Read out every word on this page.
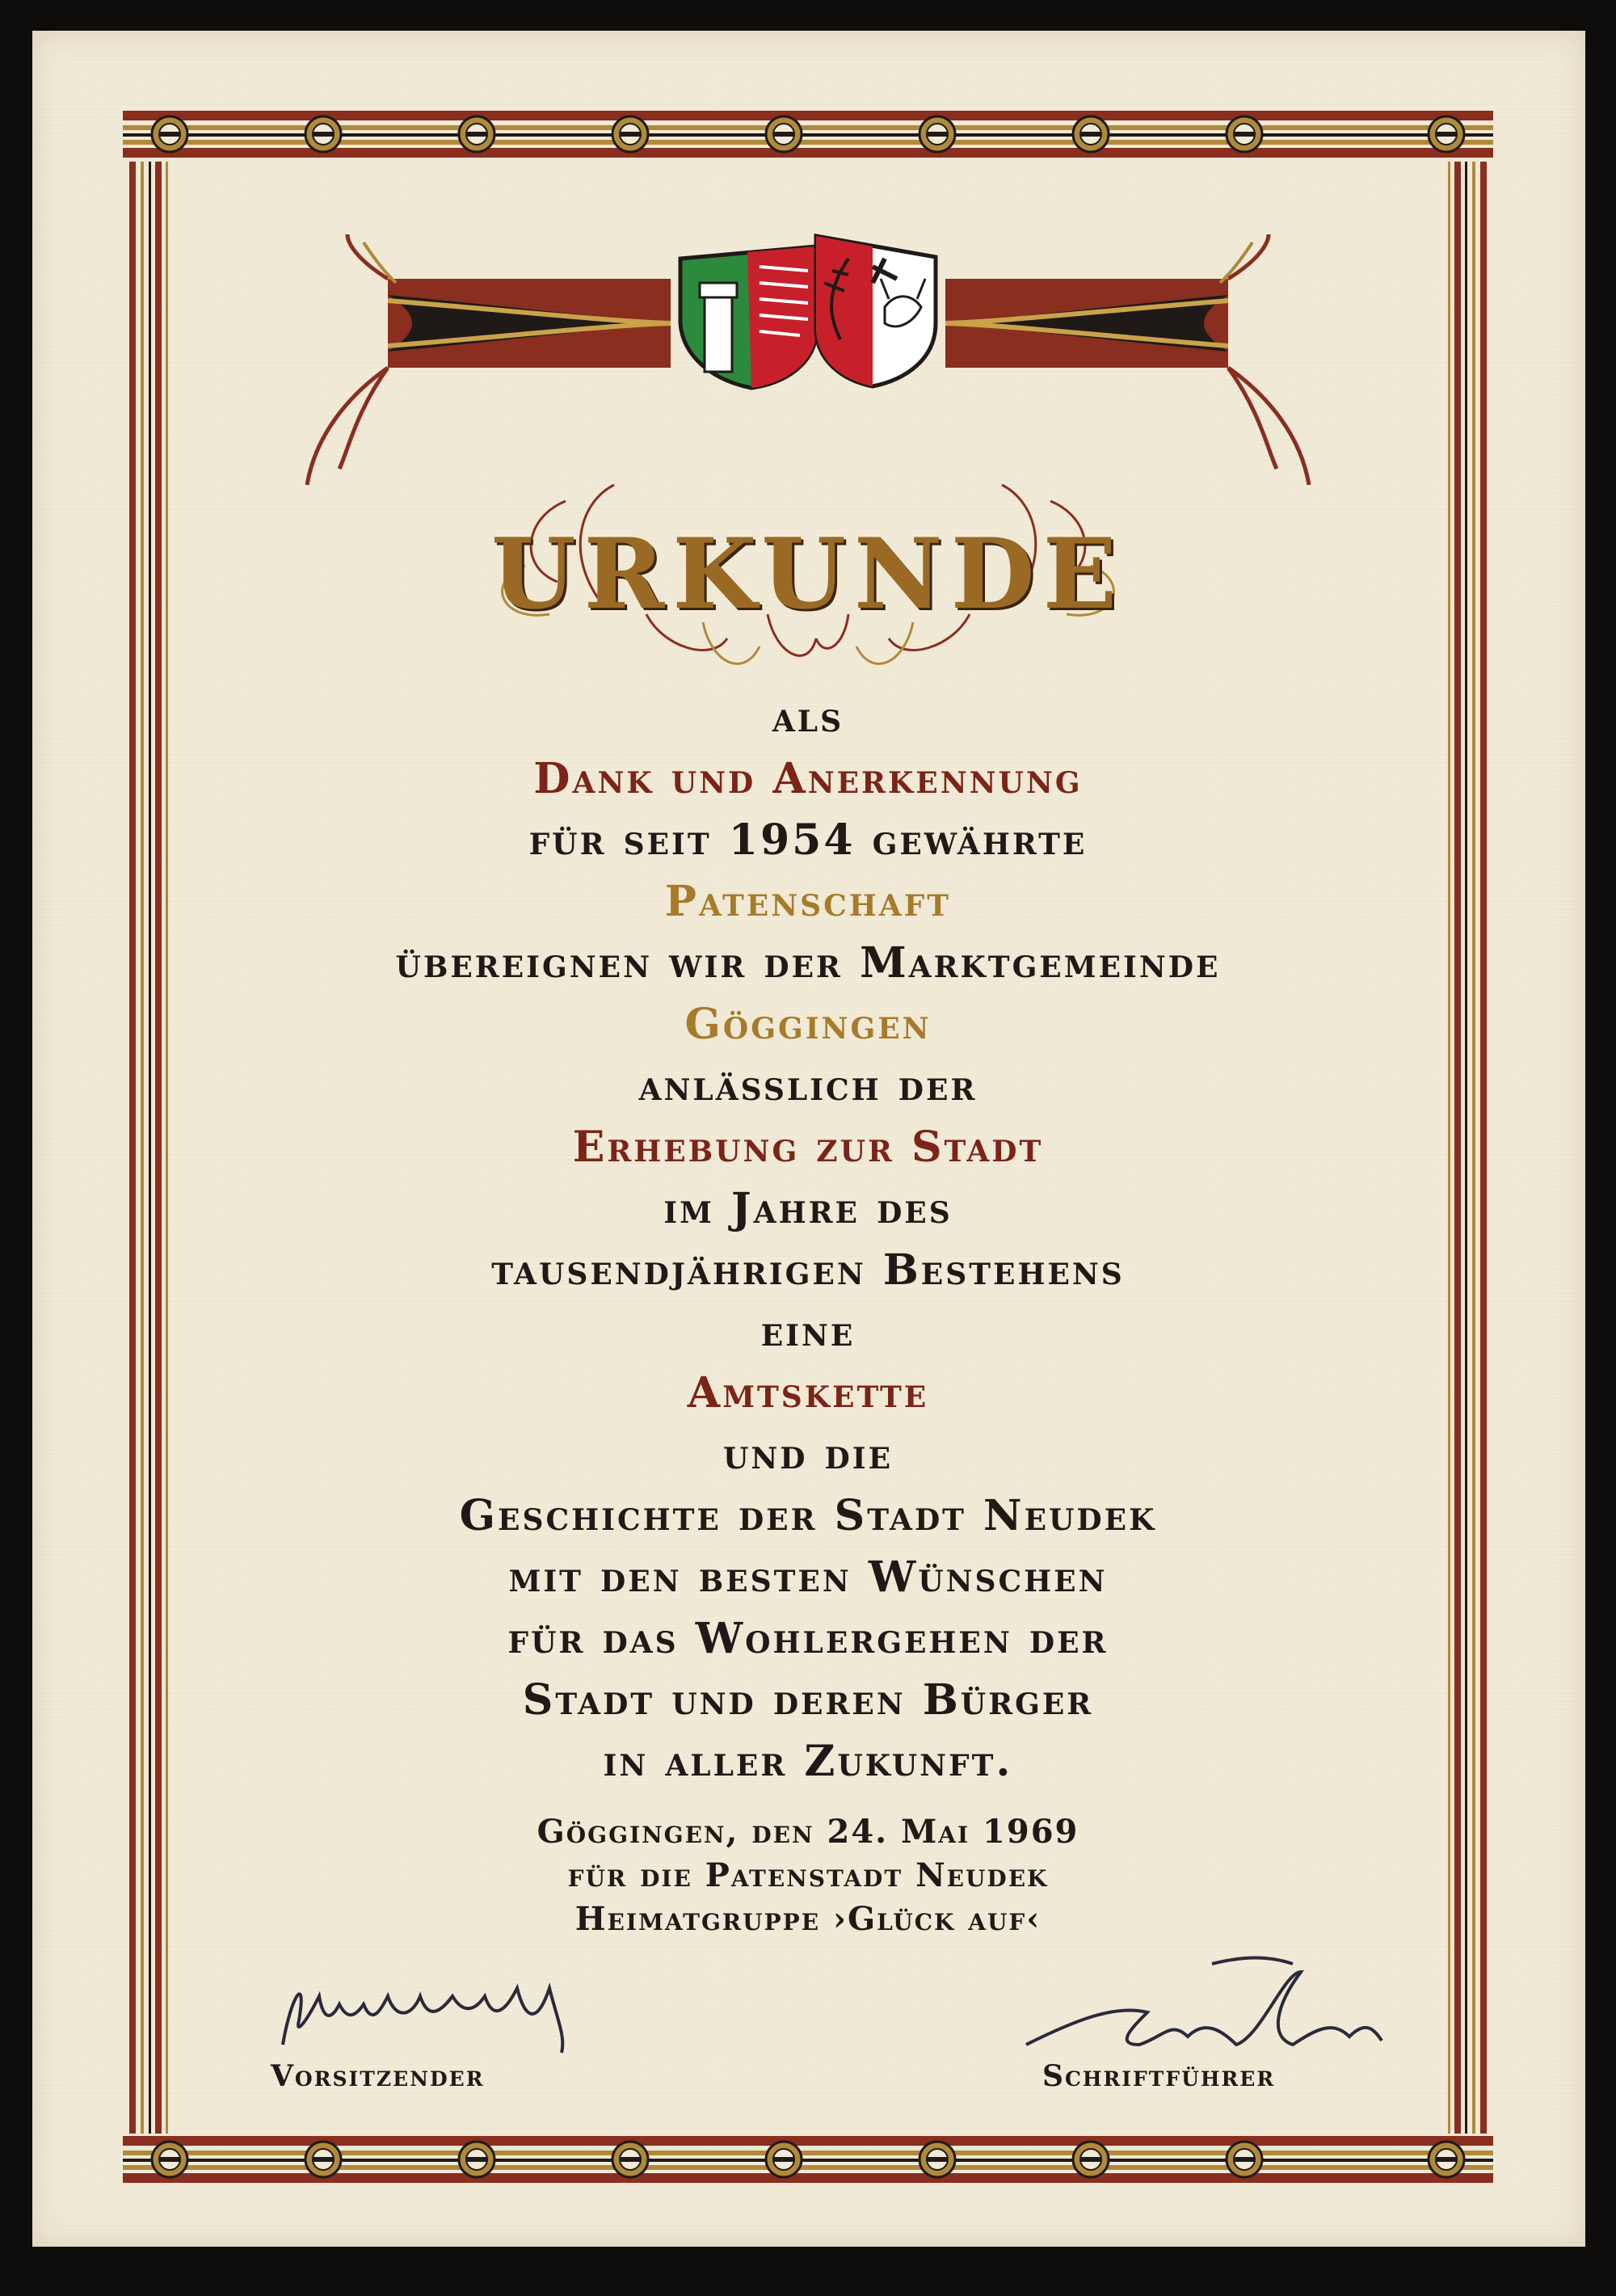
URKUNDE
als
Dank und Anerkennung
für seit 1954 gewährte
Patenschaft
übereignen wir der Marktgemeinde
Göggingen
anlässlich der
Erhebung zur Stadt
im Jahre des
tausendjährigen Bestehens
eine
Amtskette
und die
Geschichte der Stadt Neudek
mit den besten Wünschen
für das Wohlergehen der
Stadt und deren Bürger
in aller Zukunft.
Göggingen, den 24. Mai 1969
für die Patenstadt Neudek
Heimatgruppe ›Glück auf‹
Vorsitzender	Schriftführer
